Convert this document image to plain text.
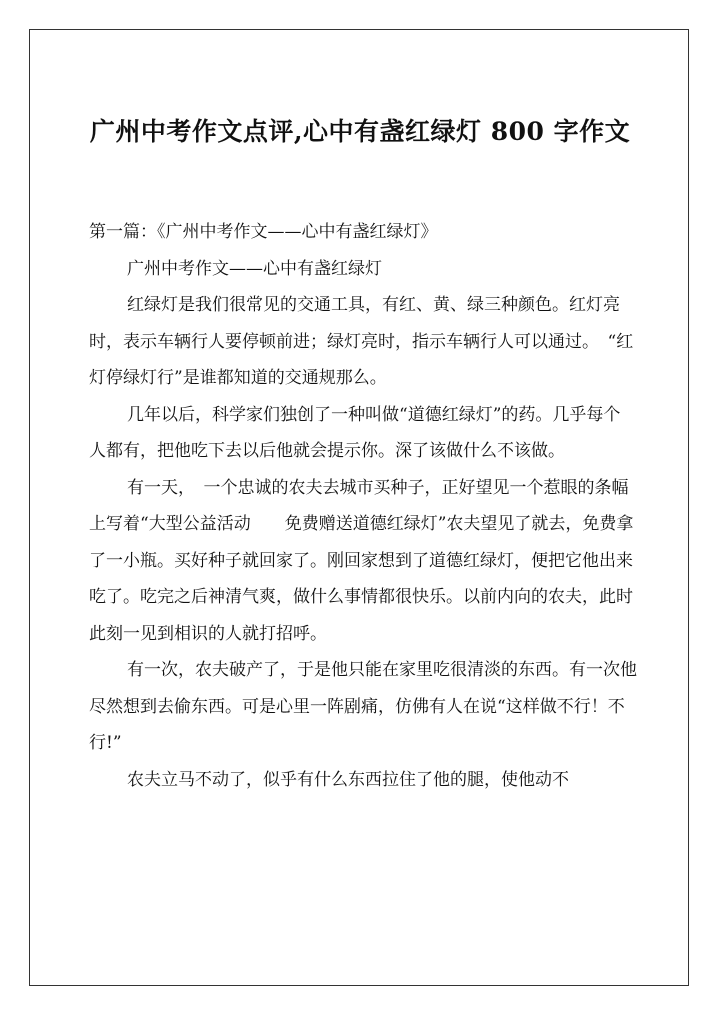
广州中考作文点评,心中有盏红绿灯 800 字作文

第一篇：《广州中考作文——心中有盏红绿灯》

广州中考作文——心中有盏红绿灯

红绿灯是我们很常见的交通工具，有红、黄、绿三种颜色。红灯亮时，表示车辆行人要停顿前进；绿灯亮时，指示车辆行人可以通过。　“红灯停绿灯行”是谁都知道的交通规那么。

几年以后，科学家们独创了一种叫做“道德红绿灯”的药。几乎每个人都有，把他吃下去以后他就会提示你。深了该做什么不该做。

有一天，　一个忠诚的农夫去城市买种子，正好望见一个惹眼的条幅上写着“大型公益活动　　免费赠送道德红绿灯”农夫望见了就去，免费拿了一小瓶。买好种子就回家了。刚回家想到了道德红绿灯，便把它他出来吃了。吃完之后神清气爽，做什么事情都很快乐。以前内向的农夫，此时此刻一见到相识的人就打招呼。

有一次，农夫破产了，于是他只能在家里吃很清淡的东西。有一次他尽然想到去偷东西。可是心里一阵剧痛，仿佛有人在说“这样做不行！不行!”

农夫立马不动了，似乎有什么东西拉住了他的腿，使他动不
